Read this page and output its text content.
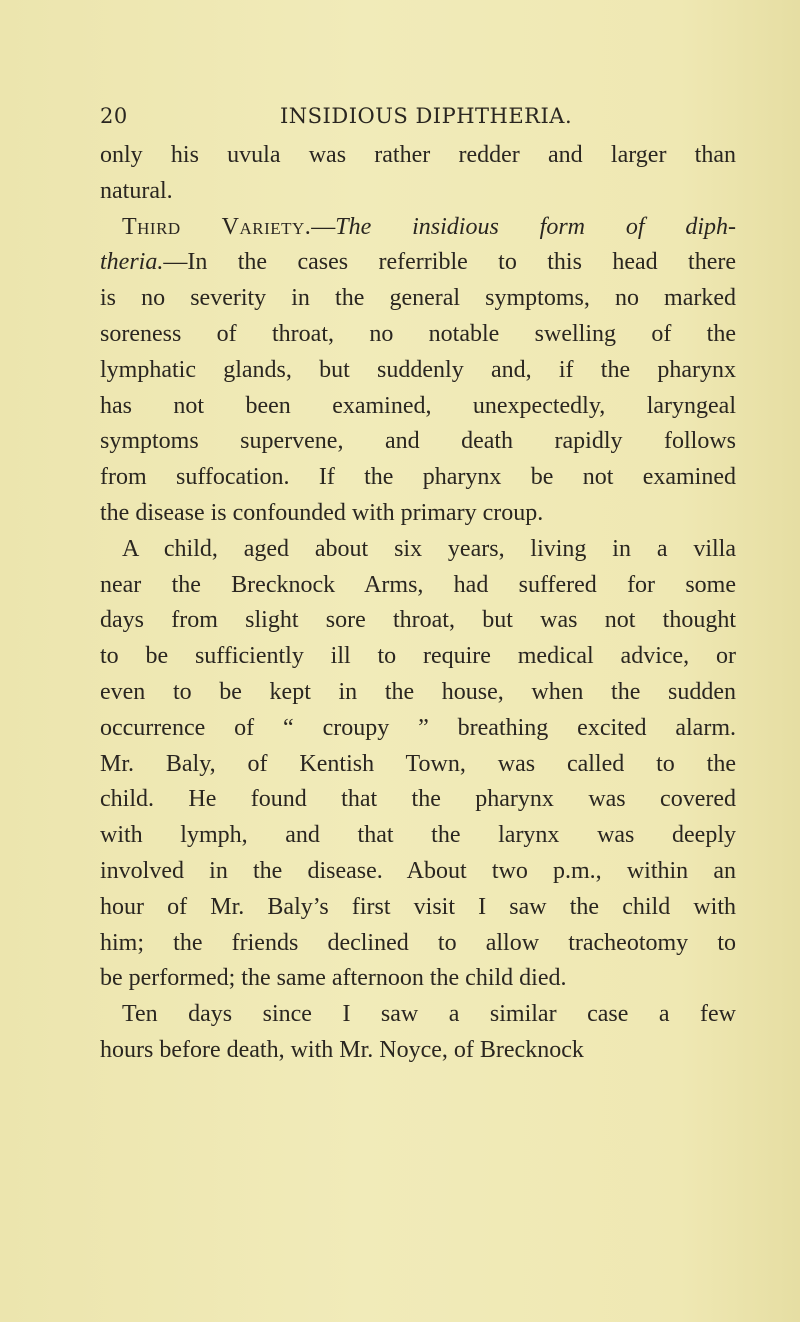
20	INSIDIOUS DIPHTHERIA.
only his uvula was rather redder and larger than
natural.
Third Variety.—The insidious form of diph-
theria.—In the cases referrible to this head there
is no severity in the general symptoms, no marked
soreness of throat, no notable swelling of the
lymphatic glands, but suddenly and, if the pharynx
has not been examined, unexpectedly, laryngeal
symptoms supervene, and death rapidly follows
from suffocation. If the pharynx be not examined
the disease is confounded with primary croup.
A child, aged about six years, living in a villa
near the Brecknock Arms, had suffered for some
days from slight sore throat, but was not thought
to be sufficiently ill to require medical advice, or
even to be kept in the house, when the sudden
occurrence of “ croupy ” breathing excited alarm.
Mr. Baly, of Kentish Town, was called to the
child. He found that the pharynx was covered
with lymph, and that the larynx was deeply
involved in the disease. About two p.m., within an
hour of Mr. Baly’s first visit I saw the child with
him; the friends declined to allow tracheotomy to
be performed; the same afternoon the child died.
Ten days since I saw a similar case a few
hours before death, with Mr. Noyce, of Brecknock
